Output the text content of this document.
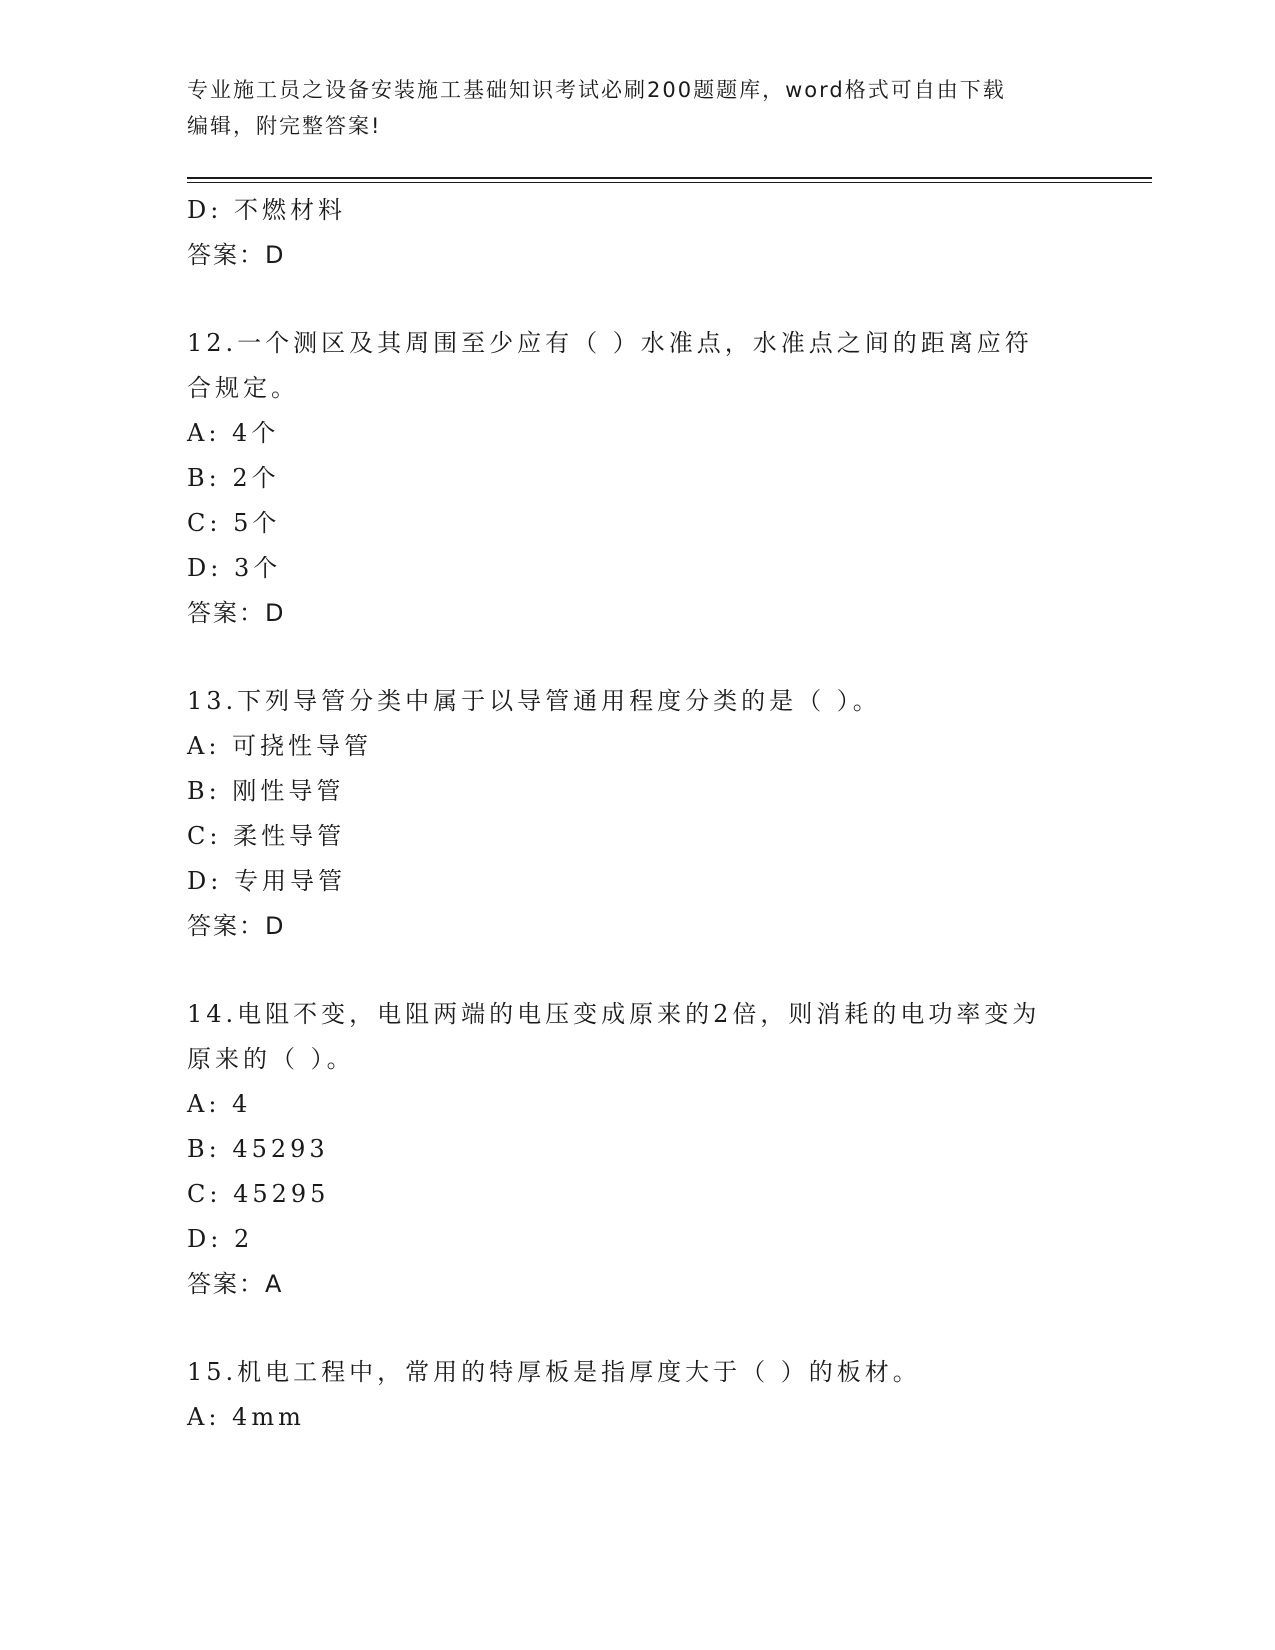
专业施工员之设备安装施工基础知识考试必刷200题题库，word格式可自由下载
编辑，附完整答案!
D: 不燃材料
答案：D
12.一个测区及其周围至少应有（ ）水准点，水准点之间的距离应符
合规定。
A: 4个
B: 2个
C: 5个
D: 3个
答案：D
13.下列导管分类中属于以导管通用程度分类的是（ ）。
A: 可挠性导管
B: 刚性导管
C: 柔性导管
D: 专用导管
答案：D
14.电阻不变，电阻两端的电压变成原来的2倍，则消耗的电功率变为
原来的（ ）。
A: 4
B: 45293
C: 45295
D: 2
答案：A
15.机电工程中，常用的特厚板是指厚度大于（ ）的板材。
A: 4mm
